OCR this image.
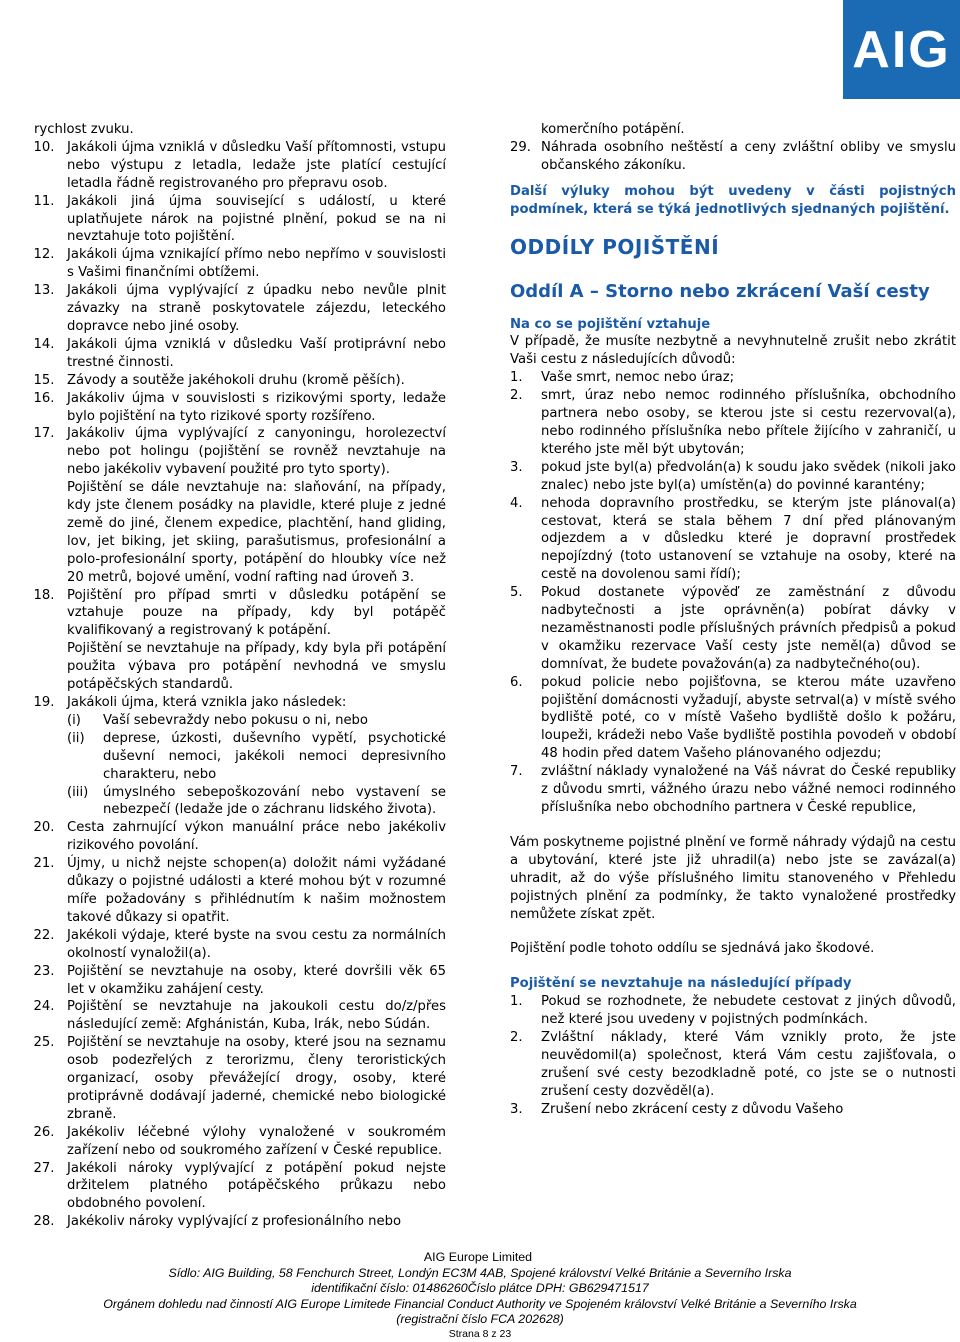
AIG
rychlost zvuku.
10. Jakákoli újma vzniklá v důsledku Vaší přítomnosti, vstupu nebo výstupu z letadla, ledaže jste platící cestující letadla řádně registrovaného pro přepravu osob.
11. Jakákoli jiná újma související s událostí, u které uplatňujete nárok na pojistné plnění, pokud se na ni nevztahuje toto pojištění.
12. Jakákoli újma vznikající přímo nebo nepřímo v souvislosti s Vašimi finančními obtížemi.
13. Jakákoli újma vyplývající z úpadku nebo nevůle plnit závazky na straně poskytovatele zájezdu, leteckého dopravce nebo jiné osoby.
14. Jakákoli újma vzniklá v důsledku Vaší protiprávní nebo trestné činnosti.
15. Závody a soutěže jakéhokoli druhu (kromě pěších).
16. Jakákoliv újma v souvislosti s rizikovými sporty, ledaže bylo pojištění na tyto rizikové sporty rozšířeno.
17. Jakákoliv újma vyplývající z canyoningu, horolezectví nebo pot holingu (pojištění se rovněž nevztahuje na nebo jakékoliv vybavení použité pro tyto sporty).
Pojištění se dále nevztahuje na: slaňování, na případy, kdy jste členem posádky na plavidle, které pluje z jedné země do jiné, členem expedice, plachtění, hand gliding, lov, jet biking, jet skiing, parašutismus, profesionální a polo-profesionální sporty, potápění do hloubky více než 20 metrů, bojové umění, vodní rafting nad úroveň 3.
18. Pojištění pro případ smrti v důsledku potápění se vztahuje pouze na případy, kdy byl potápěč kvalifikovaný a registrovaný k potápění.
Pojištění se nevztahuje na případy, kdy byla při potápění použita výbava pro potápění nevhodná ve smyslu potápěčských standardů.
19. Jakákoli újma, která vznikla jako následek:
(i) Vaší sebevraždy nebo pokusu o ni, nebo
(ii) deprese, úzkosti, duševního vypětí, psychotické duševní nemoci, jakékoli nemoci depresivního charakteru, nebo
(iii) úmyslného sebepoškozování nebo vystavení se nebezpečí (ledaže jde o záchranu lidského života).
20. Cesta zahrnující výkon manuální práce nebo jakékoliv rizikového povolání.
21. Újmy, u nichž nejste schopen(a) doložit námi vyžádané důkazy o pojistné události a které mohou být v rozumné míře požadovány s přihlédnutím k našim možnostem takové důkazy si opatřit.
22. Jakékoli výdaje, které byste na svou cestu za normálních okolností vynaložil(a).
23. Pojištění se nevztahuje na osoby, které dovršili věk 65 let v okamžiku zahájení cesty.
24. Pojištění se nevztahuje na jakoukoli cestu do/z/přes následující země: Afghánistán, Kuba, Irák, nebo Súdán.
25. Pojištění se nevztahuje na osoby, které jsou na seznamu osob podezřelých z terorizmu, členy teroristických organizací, osoby převážející drogy, osoby, které protiprávně dodávají jaderné, chemické nebo biologické zbraně.
26. Jakékoliv léčebné výlohy vynaložené v soukromém zařízení nebo od soukromého zařízení v České republice.
27. Jakékoli nároky vyplývající z potápění pokud nejste držitelem platného potápěčského průkazu nebo obdobného povolení.
28. Jakékoliv nároky vyplývající z profesionálního nebo
komerčního potápění.
29. Náhrada osobního neštěstí a ceny zvláštní obliby ve smyslu občanského zákoníku.
Další výluky mohou být uvedeny v části pojistných podmínek, která se týká jednotlivých sjednaných pojištění.
ODDÍLY POJIŠTĚNÍ
Oddíl A – Storno nebo zkrácení Vaší cesty
Na co se pojištění vztahuje
V případě, že musíte nezbytně a nevyhnutelně zrušit nebo zkrátit Vaši cestu z následujících důvodů:
1. Vaše smrt, nemoc nebo úraz;
2. smrt, úraz nebo nemoc rodinného příslušníka, obchodního partnera nebo osoby, se kterou jste si cestu rezervoval(a), nebo rodinného příslušníka nebo přítele žijícího v zahraničí, u kterého jste měl být ubytován;
3. pokud jste byl(a) předvolán(a) k soudu jako svědek (nikoli jako znalec) nebo jste byl(a) umístěn(a) do povinné karantény;
4. nehoda dopravního prostředku, se kterým jste plánoval(a) cestovat, která se stala během 7 dní před plánovaným odjezdem a v důsledku které je dopravní prostředek nepojízdný (toto ustanovení se vztahuje na osoby, které na cestě na dovolenou sami řídí);
5. Pokud dostanete výpověď ze zaměstnání z důvodu nadbytečnosti a jste oprávněn(a) pobírat dávky v nezaměstnanosti podle příslušných právních předpisů a pokud v okamžiku rezervace Vaší cesty jste neměl(a) důvod se domnívat, že budete považován(a) za nadbytečného(ou).
6. pokud policie nebo pojišťovna, se kterou máte uzavřeno pojištění domácnosti vyžadují, abyste setrval(a) v místě svého bydliště poté, co v místě Vašeho bydliště došlo k požáru, loupeži, krádeži nebo Vaše bydliště postihla povodeň v období 48 hodin před datem Vašeho plánovaného odjezdu;
7. zvláštní náklady vynaložené na Váš návrat do České republiky z důvodu smrti, vážného úrazu nebo vážné nemoci rodinného příslušníka nebo obchodního partnera v České republice,
Vám poskytneme pojistné plnění ve formě náhrady výdajů na cestu a ubytování, které jste již uhradil(a) nebo jste se zavázal(a) uhradit, až do výše příslušného limitu stanoveného v Přehledu pojistných plnění za podmínky, že takto vynaložené prostředky nemůžete získat zpět.
Pojištění podle tohoto oddílu se sjednává jako škodové.
Pojištění se nevztahuje na následující případy
1. Pokud se rozhodnete, že nebudete cestovat z jiných důvodů, než které jsou uvedeny v pojistných podmínkách.
2. Zvláštní náklady, které Vám vznikly proto, že jste neuvědomil(a) společnost, která Vám cestu zajišťovala, o zrušení své cesty bezodkladně poté, co jste se o nutnosti zrušení cesty dozvěděl(a).
3. Zrušení nebo zkrácení cesty z důvodu Vašeho
AIG Europe Limited
Sídlo: AIG Building, 58 Fenchurch Street, Londýn EC3M 4AB, Spojené království Velké Británie a Severního Irska
identifikační číslo: 01486260Číslo plátce DPH: GB629471517
Orgánem dohledu nad činností AIG Europe Limitede Financial Conduct Authority ve Spojeném království Velké Británie a Severního Irska
(registrační číslo FCA 202628)
Strana 8 z 23
